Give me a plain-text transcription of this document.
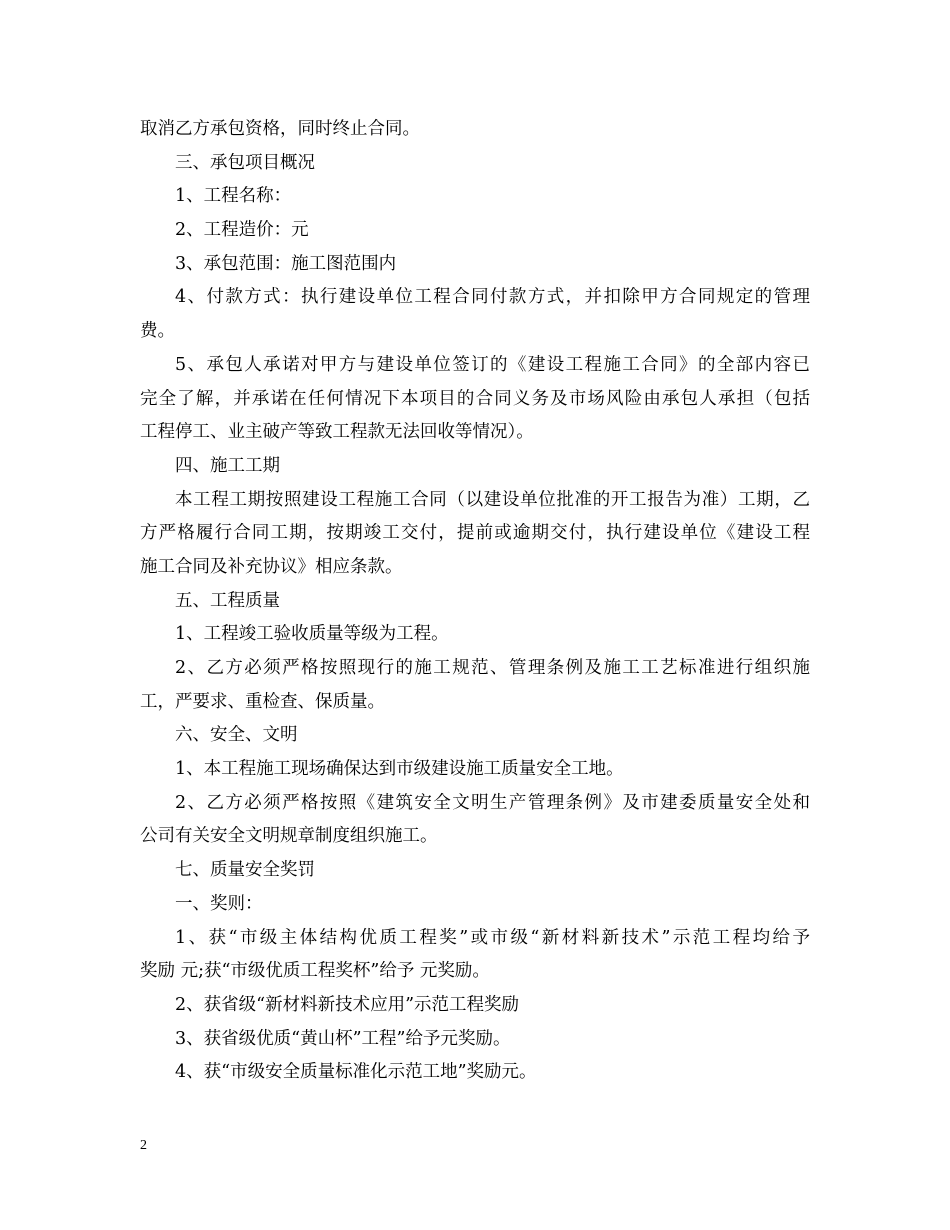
取消乙方承包资格，同时终止合同。
三、承包项目概况
1、工程名称：
2、工程造价：元
3、承包范围：施工图范围内
4、付款方式：执行建设单位工程合同付款方式，并扣除甲方合同规定的管理
费。
5、承包人承诺对甲方与建设单位签订的《建设工程施工合同》的全部内容已
完全了解，并承诺在任何情况下本项目的合同义务及市场风险由承包人承担（包括
工程停工、业主破产等致工程款无法回收等情况）。
四、施工工期
本工程工期按照建设工程施工合同（以建设单位批准的开工报告为准）工期，乙
方严格履行合同工期，按期竣工交付，提前或逾期交付，执行建设单位《建设工程
施工合同及补充协议》相应条款。
五、工程质量
1、工程竣工验收质量等级为工程。
2、乙方必须严格按照现行的施工规范、管理条例及施工工艺标准进行组织施
工，严要求、重检查、保质量。
六、安全、文明
1、本工程施工现场确保达到市级建设施工质量安全工地。
2、乙方必须严格按照《建筑安全文明生产管理条例》及市建委质量安全处和
公司有关安全文明规章制度组织施工。
七、质量安全奖罚
一、奖则：
1、获“市级主体结构优质工程奖”或市级“新材料新技术”示范工程均给予
奖励 元;获“市级优质工程奖杯”给予 元奖励。
2、获省级“新材料新技术应用”示范工程奖励
3、获省级优质“黄山杯”工程”给予元奖励。
4、获“市级安全质量标准化示范工地”奖励元。
2
